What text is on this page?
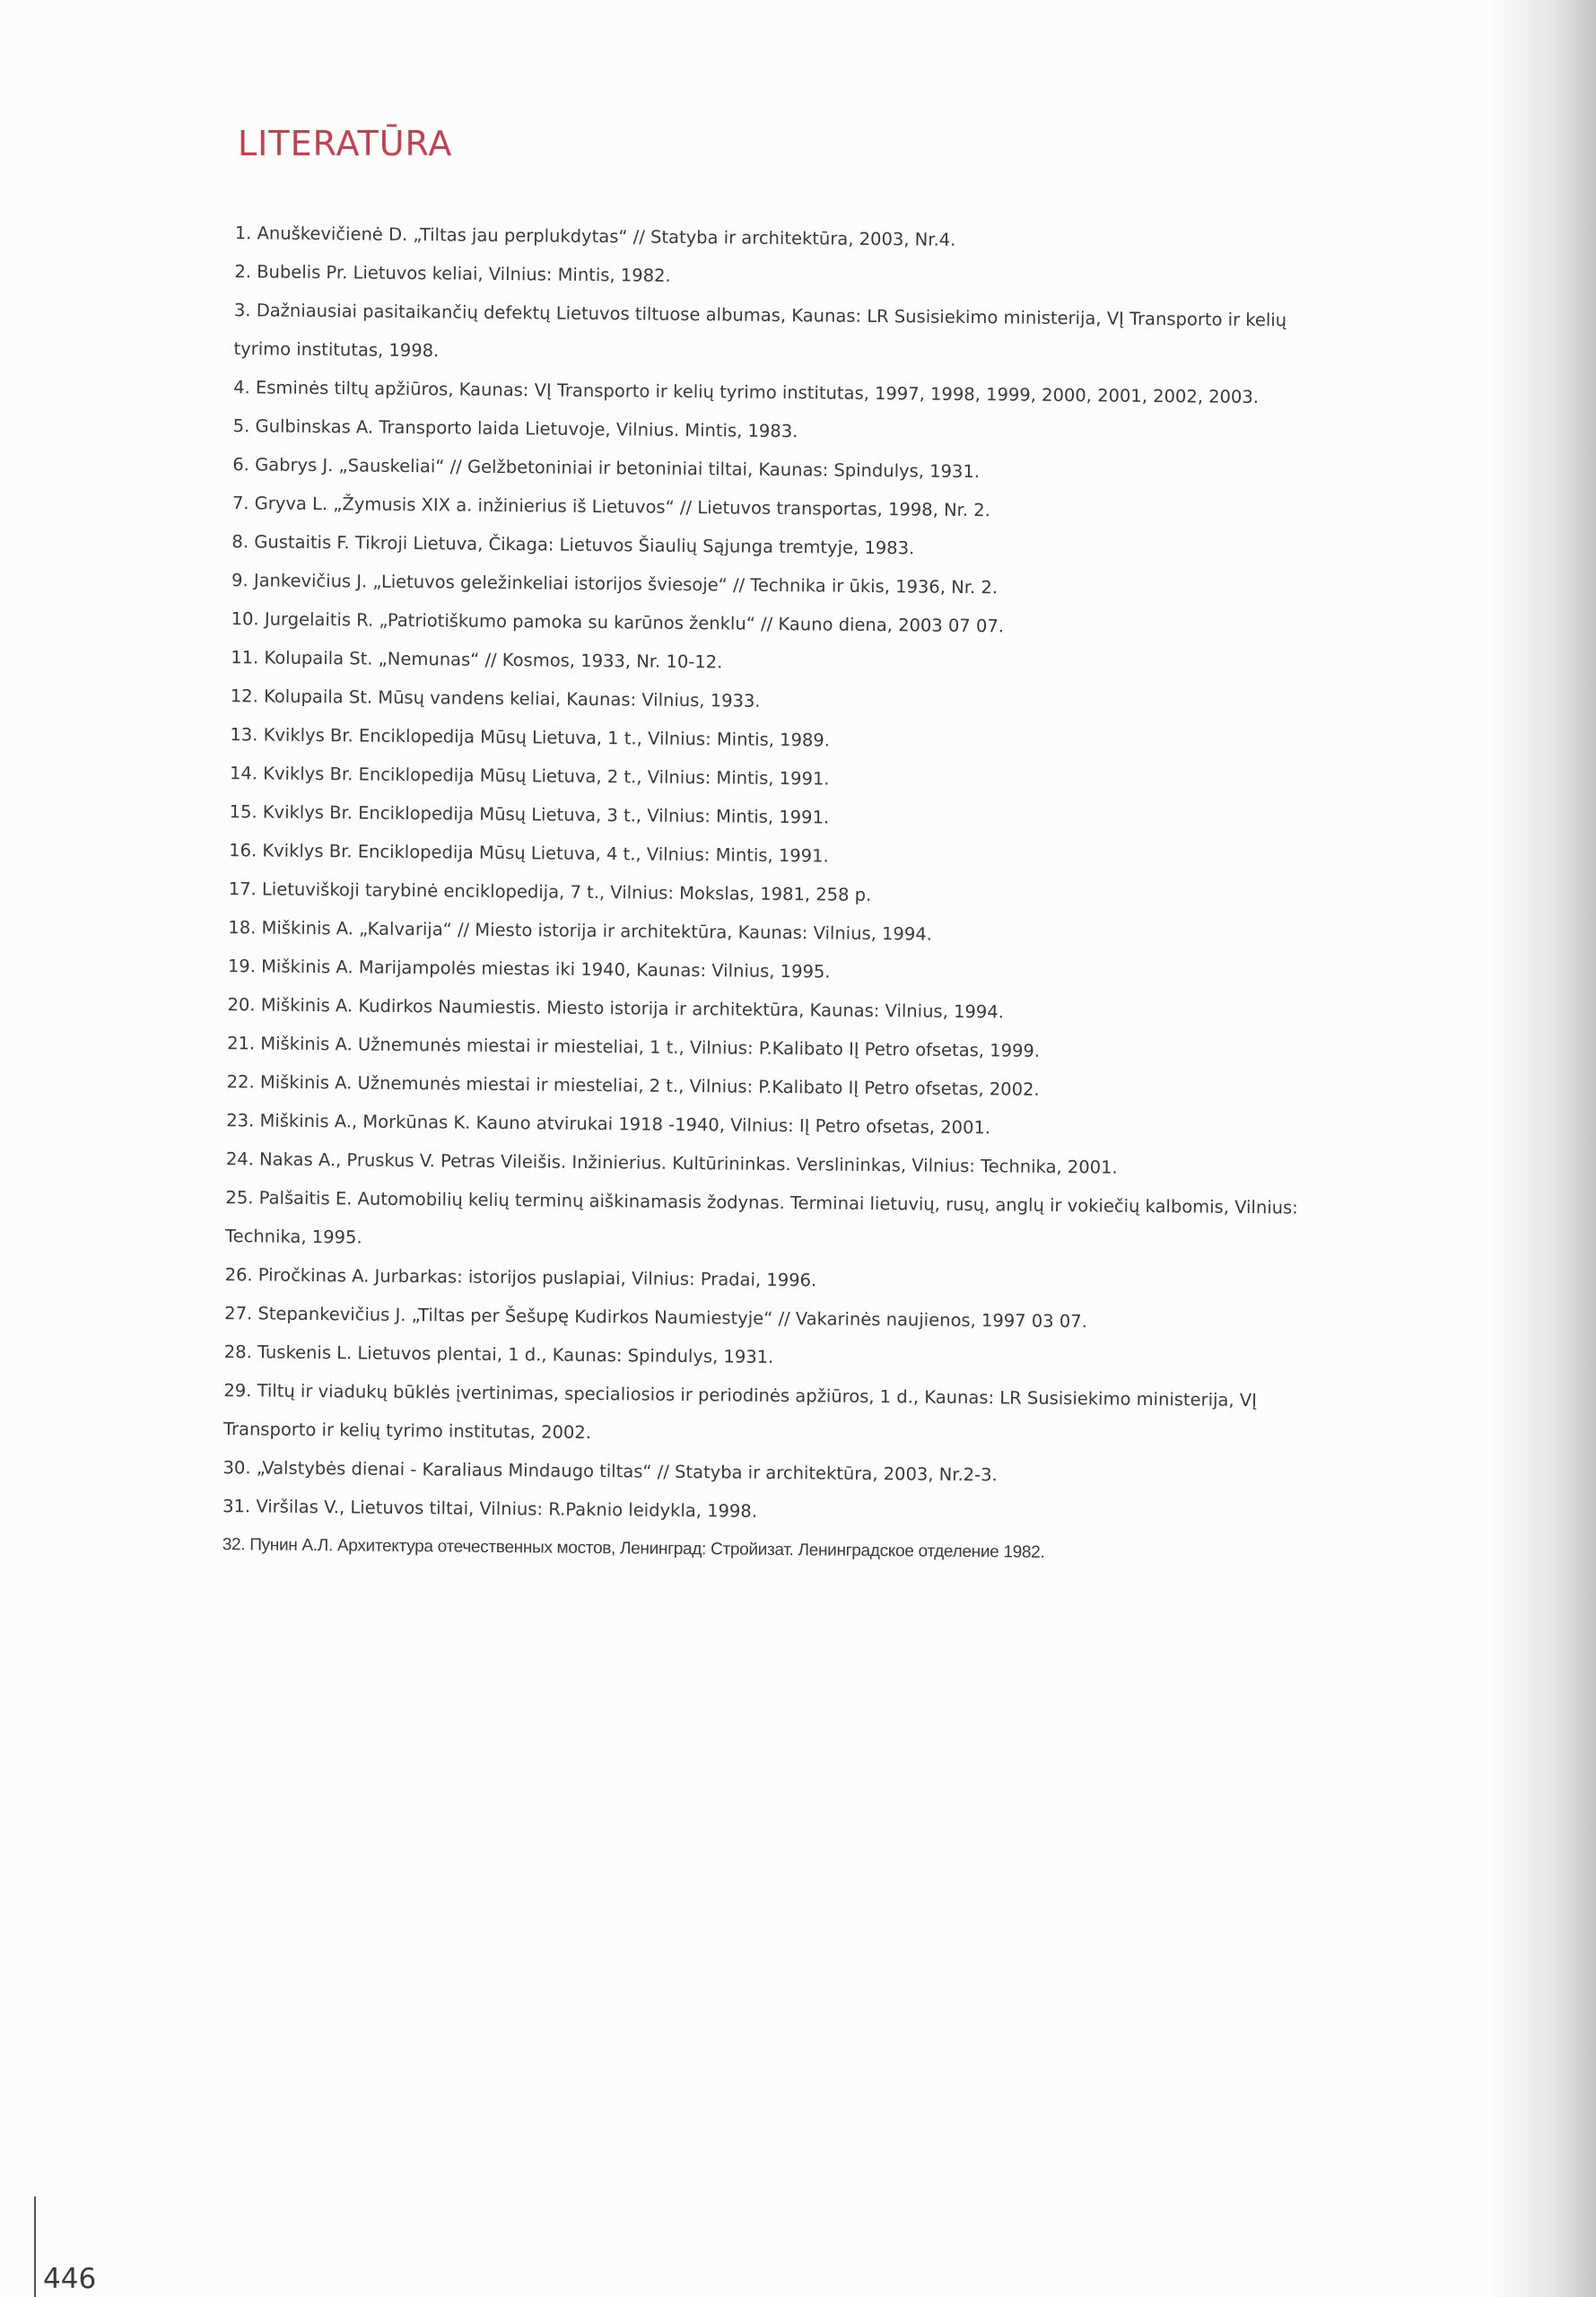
LITERATŪRA
1. Anuškevičienė D. „Tiltas jau perplukdytas“ // Statyba ir architektūra, 2003, Nr.4.
2. Bubelis Pr. Lietuvos keliai, Vilnius: Mintis, 1982.
3. Dažniausiai pasitaikančių defektų Lietuvos tiltuose albumas, Kaunas: LR Susisiekimo ministerija, VĮ Transporto ir kelių tyrimo institutas, 1998.
4. Esminės tiltų apžiūros, Kaunas: VĮ Transporto ir kelių tyrimo institutas, 1997, 1998, 1999, 2000, 2001, 2002, 2003.
5. Gulbinskas A. Transporto laida Lietuvoje, Vilnius. Mintis, 1983.
6. Gabrys J. „Sauskeliai“ // Gelžbetoniniai ir betoniniai tiltai, Kaunas: Spindulys, 1931.
7. Gryva L. „Žymusis XIX a. inžinierius iš Lietuvos“ // Lietuvos transportas, 1998, Nr. 2.
8. Gustaitis F. Tikroji Lietuva, Čikaga: Lietuvos Šiaulių Sąjunga tremtyje, 1983.
9. Jankevičius J. „Lietuvos geležinkeliai istorijos šviesoje“ // Technika ir ūkis, 1936, Nr. 2.
10. Jurgelaitis R. „Patriotiškumo pamoka su karūnos ženklu“ // Kauno diena, 2003 07 07.
11. Kolupaila St. „Nemunas“ // Kosmos, 1933, Nr. 10-12.
12. Kolupaila St. Mūsų vandens keliai, Kaunas: Vilnius, 1933.
13. Kviklys Br. Enciklopedija Mūsų Lietuva, 1 t., Vilnius: Mintis, 1989.
14. Kviklys Br. Enciklopedija Mūsų Lietuva, 2 t., Vilnius: Mintis, 1991.
15. Kviklys Br. Enciklopedija Mūsų Lietuva, 3 t., Vilnius: Mintis, 1991.
16. Kviklys Br. Enciklopedija Mūsų Lietuva, 4 t., Vilnius: Mintis, 1991.
17. Lietuviškoji tarybinė enciklopedija, 7 t., Vilnius: Mokslas, 1981, 258 p.
18. Miškinis A. „Kalvarija“ // Miesto istorija ir architektūra, Kaunas: Vilnius, 1994.
19. Miškinis A. Marijampolės miestas iki 1940, Kaunas: Vilnius, 1995.
20. Miškinis A. Kudirkos Naumiestis. Miesto istorija ir architektūra, Kaunas: Vilnius, 1994.
21. Miškinis A. Užnemunės miestai ir miesteliai, 1 t., Vilnius: P.Kalibato IĮ Petro ofsetas, 1999.
22. Miškinis A. Užnemunės miestai ir miesteliai, 2 t., Vilnius: P.Kalibato IĮ Petro ofsetas, 2002.
23. Miškinis A., Morkūnas K. Kauno atvirukai 1918 -1940, Vilnius: IĮ Petro ofsetas, 2001.
24. Nakas A., Pruskus V. Petras Vileišis. Inžinierius. Kultūrininkas. Verslininkas, Vilnius: Technika, 2001.
25. Palšaitis E. Automobilių kelių terminų aiškinamasis žodynas. Terminai lietuvių, rusų, anglų ir vokiečių kalbomis, Vilnius: Technika, 1995.
26. Piročkinas A. Jurbarkas: istorijos puslapiai, Vilnius: Pradai, 1996.
27. Stepankevičius J. „Tiltas per Šešupę Kudirkos Naumiestyje“ // Vakarinės naujienos, 1997 03 07.
28. Tuskenis L. Lietuvos plentai, 1 d., Kaunas: Spindulys, 1931.
29. Tiltų ir viadukų būklės įvertinimas, specialiosios ir periodinės apžiūros, 1 d., Kaunas: LR Susisiekimo ministerija, VĮ Transporto ir kelių tyrimo institutas, 2002.
30. „Valstybės dienai - Karaliaus Mindaugo tiltas“ // Statyba ir architektūra, 2003, Nr.2-3.
31. Viršilas V., Lietuvos tiltai, Vilnius: R.Paknio leidykla, 1998.
32. Пунин А.Л. Архитектура отечественных мостов, Ленинград: Стройизат. Ленинградское отделение 1982.
446
